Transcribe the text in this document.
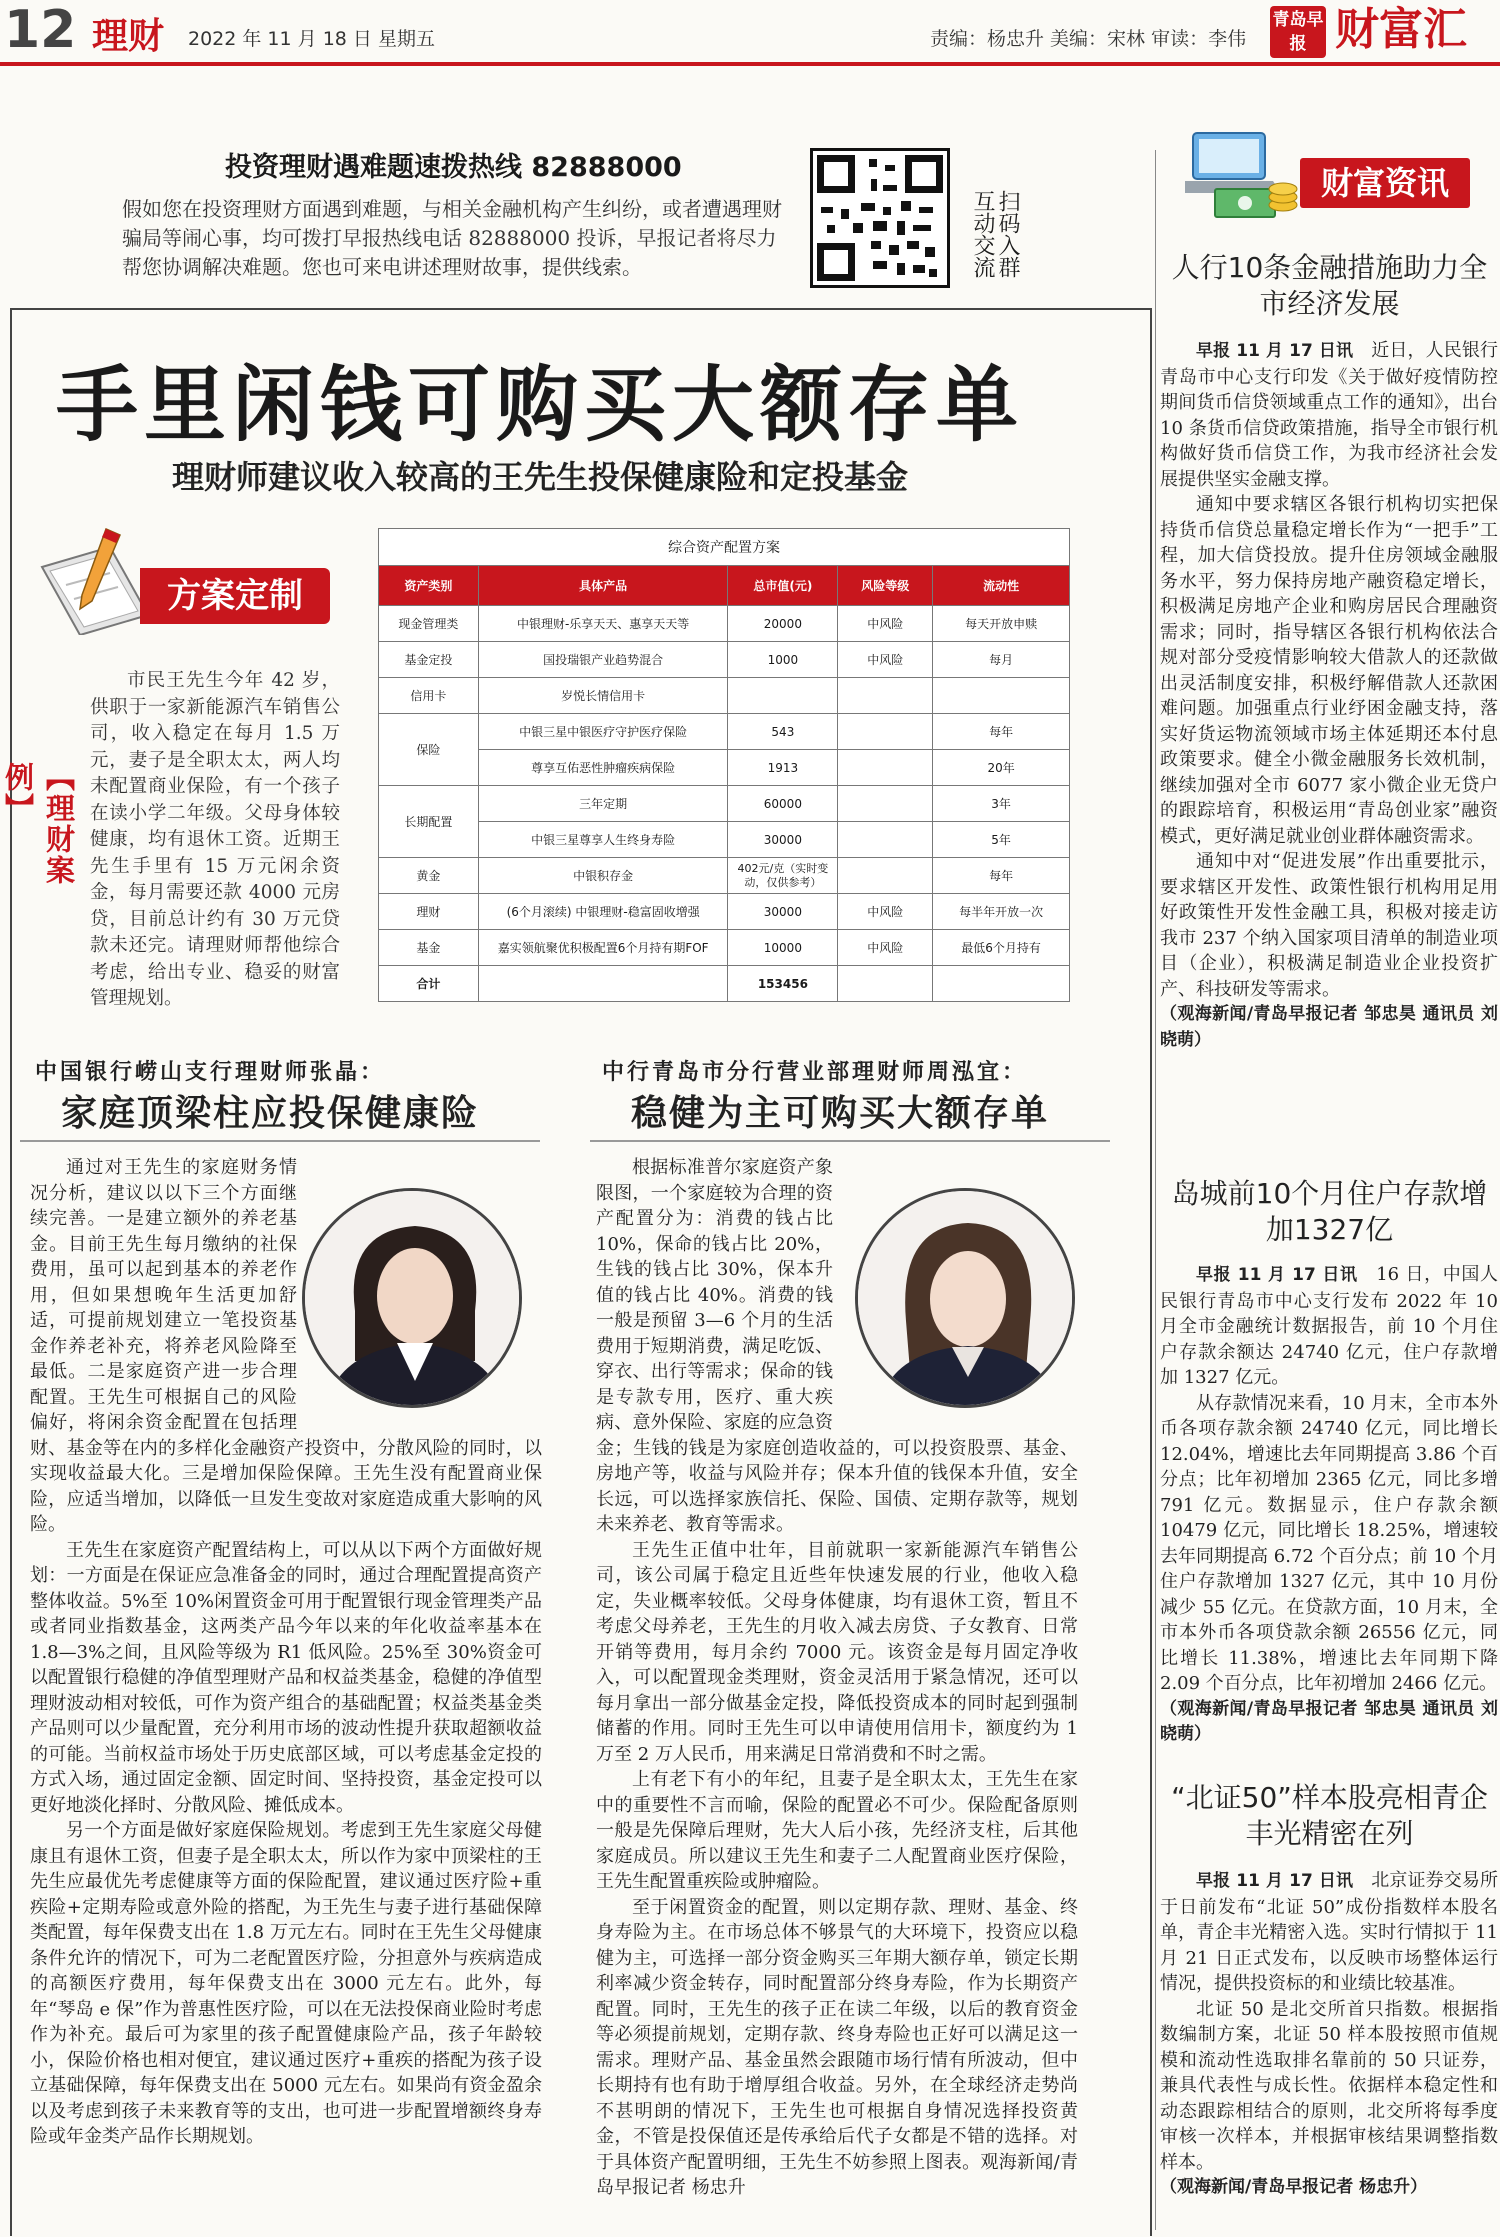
12 理财 2022 年 11 月 18 日 星期五	责编：杨忠升 美编：宋林 审读：李伟
青岛早报 财富汇
投资理财遇难题速拨热线 82888000
假如您在投资理财方面遇到难题，与相关金融机构产生纠纷，或者遭遇理财骗局等闹心事，均可拨打早报热线电话 82888000 投诉，早报记者将尽力帮您协调解决难题。您也可来电讲述理财故事，提供线索。	扫码入群 互动交流
手里闲钱可购买大额存单
理财师建议收入较高的王先生投保健康险和定投基金
方案定制
【理财案例】
市民王先生今年 42 岁，供职于一家新能源汽车销售公司，收入稳定在每月 1.5 万元，妻子是全职太太，两人均未配置商业保险，有一个孩子在读小学二年级。父母身体较健康，均有退休工资。近期王先生手里有 15 万元闲余资金，每月需要还款 4000 元房贷，目前总计约有 30 万元贷款未还完。请理财师帮他综合考虑，给出专业、稳妥的财富管理规划。
综合资产配置方案
资产类别	具体产品	总市值(元)	风险等级	流动性
现金管理类	中银理财-乐享天天、惠享天天等	20000	中风险	每天开放申赎
基金定投	国投瑞银产业趋势混合	1000	中风险	每月
信用卡	岁悦长情信用卡			
保险	中银三星中银医疗守护医疗保险	543		每年
	尊享互佑恶性肿瘤疾病保险	1913		20年
长期配置	三年定期	60000		3年
	中银三星尊享人生终身寿险	30000		5年
黄金	中银积存金	402元/克（实时变动，仅供参考）		每年
理财	(6个月滚续) 中银理财-稳富固收增强	30000	中风险	每半年开放一次
基金	嘉实领航聚优积极配置6个月持有期FOF	10000	中风险	最低6个月持有
合计		153456		
中国银行崂山支行理财师张晶：
家庭顶梁柱应投保健康险
中行青岛市分行营业部理财师周泓宜：
稳健为主可购买大额存单

通过对王先生的家庭财务情况分析，建议以以下三个方面继续完善。一是建立额外的养老基金。目前王先生每月缴纳的社保费用，虽可以起到基本的养老作用，但如果想晚年生活更加舒适，可提前规划建立一笔投资基金作养老补充，将养老风险降至最低。二是家庭资产进一步合理配置。王先生可根据自己的风险偏好，将闲余资金配置在包括理财、基金等在内的多样化金融资产投资中，分散风险的同时，以实现收益最大化。三是增加保险保障。王先生没有配置商业保险，应适当增加，以降低一旦发生变故对家庭造成重大影响的风险。

王先生在家庭资产配置结构上，可以从以下两个方面做好规划：一方面是在保证应急准备金的同时，通过合理配置提高资产整体收益。5%至 10%闲置资金可用于配置银行现金管理类产品或者同业指数基金，这两类产品今年以来的年化收益率基本在 1.8—3%之间，且风险等级为 R1 低风险。25%至 30%资金可以配置银行稳健的净值型理财产品和权益类基金，稳健的净值型理财波动相对较低，可作为资产组合的基础配置；权益类基金类产品则可以少量配置，充分利用市场的波动性提升获取超额收益的可能。当前权益市场处于历史底部区域，可以考虑基金定投的方式入场，通过固定金额、固定时间、坚持投资，基金定投可以更好地淡化择时、分散风险、摊低成本。

另一个方面是做好家庭保险规划。考虑到王先生家庭父母健康且有退休工资，但妻子是全职太太，所以作为家中顶梁柱的王先生应最优先考虑健康等方面的保险配置，建议通过医疗险+重疾险+定期寿险或意外险的搭配，为王先生与妻子进行基础保障类配置，每年保费支出在 1.8 万元左右。同时在王先生父母健康条件允许的情况下，可为二老配置医疗险，分担意外与疾病造成的高额医疗费用，每年保费支出在 3000 元左右。此外，每年“琴岛 e 保”作为普惠性医疗险，可以在无法投保商业险时考虑作为补充。最后可为家里的孩子配置健康险产品，孩子年龄较小，保险价格也相对便宜，建议通过医疗+重疾的搭配为孩子设立基础保障，每年保费支出在 5000 元左右。如果尚有资金盈余以及考虑到孩子未来教育等的支出，也可进一步配置增额终身寿险或年金类产品作长期规划。

根据标准普尔家庭资产象限图，一个家庭较为合理的资产配置分为：消费的钱占比 10%，保命的钱占比 20%，生钱的钱占比 30%，保本升值的钱占比 40%。消费的钱一般是预留 3—6 个月的生活费用于短期消费，满足吃饭、穿衣、出行等需求；保命的钱是专款专用，医疗、重大疾病、意外保险、家庭的应急资金；生钱的钱是为家庭创造收益的，可以投资股票、基金、房地产等，收益与风险并存；保本升值的钱保本升值，安全长远，可以选择家族信托、保险、国债、定期存款等，规划未来养老、教育等需求。

王先生正值中壮年，目前就职一家新能源汽车销售公司，该公司属于稳定且近些年快速发展的行业，他收入稳定，失业概率较低。父母身体健康，均有退休工资，暂且不考虑父母养老，王先生的月收入减去房贷、子女教育、日常开销等费用，每月余约 7000 元。该资金是每月固定净收入，可以配置现金类理财，资金灵活用于紧急情况，还可以每月拿出一部分做基金定投，降低投资成本的同时起到强制储蓄的作用。同时王先生可以申请使用信用卡，额度约为 1 万至 2 万人民币，用来满足日常消费和不时之需。

上有老下有小的年纪，且妻子是全职太太，王先生在家中的重要性不言而喻，保险的配置必不可少。保险配备原则一般是先保障后理财，先大人后小孩，先经济支柱，后其他家庭成员。所以建议王先生和妻子二人配置商业医疗保险，王先生配置重疾险或肿瘤险。

至于闲置资金的配置，则以定期存款、理财、基金、终身寿险为主。在市场总体不够景气的大环境下，投资应以稳健为主，可选择一部分资金购买三年期大额存单，锁定长期利率减少资金转存，同时配置部分终身寿险，作为长期资产配置。同时，王先生的孩子正在读二年级，以后的教育资金等必须提前规划，定期存款、终身寿险也正好可以满足这一需求。理财产品、基金虽然会跟随市场行情有所波动，但中长期持有也有助于增厚组合收益。另外，在全球经济走势尚不甚明朗的情况下，王先生也可根据自身情况选择投资黄金，不管是投保值还是传承给后代子女都是不错的选择。对于具体资产配置明细，王先生不妨参照上图表。观海新闻/青岛早报记者 杨忠升

财富资讯
人行10条金融措施助力全市经济发展

早报 11 月 17 日讯　 近日，人民银行青岛市中心支行印发《关于做好疫情防控期间货币信贷领域重点工作的通知》，出台 10 条货币信贷政策措施，指导全市银行机构做好货币信贷工作，为我市经济社会发展提供坚实金融支撑。

通知中要求辖区各银行机构切实把保持货币信贷总量稳定增长作为“一把手”工程，加大信贷投放。提升住房领域金融服务水平，努力保持房地产融资稳定增长，积极满足房地产企业和购房居民合理融资需求；同时，指导辖区各银行机构依法合规对部分受疫情影响较大借款人的还款做出灵活制度安排，积极纾解借款人还款困难问题。加强重点行业纾困金融支持，落实好货运物流领域市场主体延期还本付息政策要求。健全小微金融服务长效机制，继续加强对全市 6077 家小微企业无贷户的跟踪培育，积极运用“青岛创业家”融资模式，更好满足就业创业群体融资需求。

通知中对“促进发展”作出重要批示，要求辖区开发性、政策性银行机构用足用好政策性开发性金融工具，积极对接走访我市 237 个纳入国家项目清单的制造业项目（企业），积极满足制造业企业投资扩产、科技研发等需求。

（观海新闻/青岛早报记者 邹忠昊 通讯员 刘晓萌）
岛城前10个月住户存款增加1327亿

早报 11 月 17 日讯　 16 日，中国人民银行青岛市中心支行发布 2022 年 10 月全市金融统计数据报告，前 10 个月住户存款余额达 24740 亿元，住户存款增加 1327 亿元。

从存款情况来看，10 月末，全市本外币各项存款余额 24740 亿元，同比增长 12.04%，增速比去年同期提高 3.86 个百分点；比年初增加 2365 亿元，同比多增 791 亿元。数据显示，住户存款余额 10479 亿元，同比增长 18.25%，增速较去年同期提高 6.72 个百分点；前 10 个月住户存款增加 1327 亿元，其中 10 月份减少 55 亿元。在贷款方面，10 月末，全市本外币各项贷款余额 26556 亿元，同比增长 11.38%，增速比去年同期下降 2.09 个百分点，比年初增加 2466 亿元。

（观海新闻/青岛早报记者 邹忠昊 通讯员 刘晓萌）
“北证50”样本股亮相青企丰光精密在列

早报 11 月 17 日讯　 北京证券交易所于日前发布“北证 50”成份指数样本股名单，青企丰光精密入选。实时行情拟于 11 月 21 日正式发布，以反映市场整体运行情况，提供投资标的和业绩比较基准。

北证 50 是北交所首只指数。根据指数编制方案，北证 50 样本股按照市值规模和流动性选取排名靠前的 50 只证券，兼具代表性与成长性。依据样本稳定性和动态跟踪相结合的原则，北交所将每季度审核一次样本，并根据审核结果调整指数样本。

（观海新闻/青岛早报记者 杨忠升）
